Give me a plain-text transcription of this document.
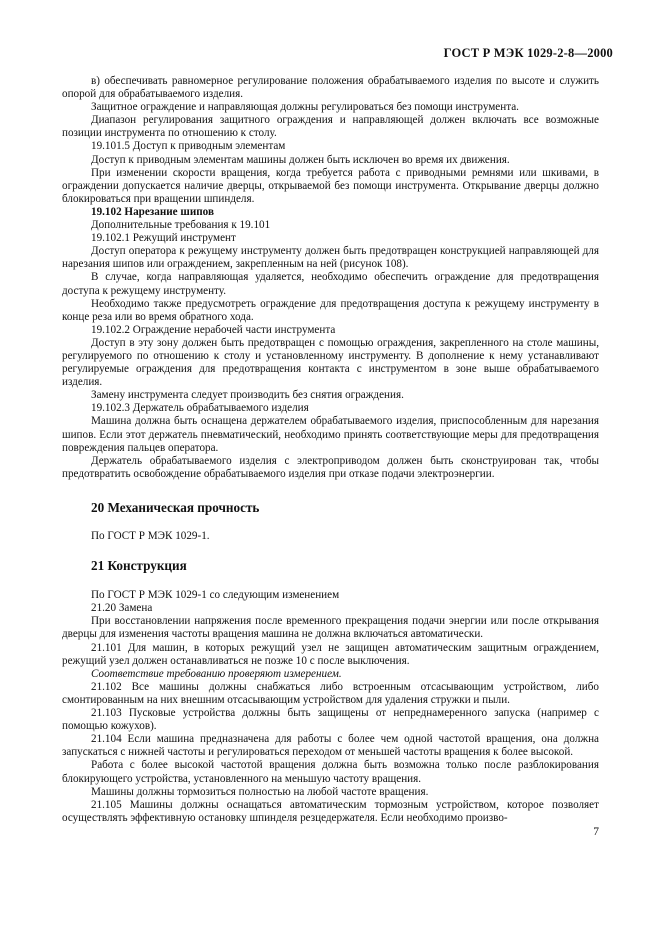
ГОСТ Р МЭК 1029-2-8—2000

в) обеспечивать равномерное регулирование положения обрабатываемого изделия по высоте и служить опорой для обрабатываемого изделия.

Защитное ограждение и направляющая должны регулироваться без помощи инструмента.

Диапазон регулирования защитного ограждения и направляющей должен включать все возможные позиции инструмента по отношению к столу.

19.101.5 Доступ к приводным элементам

Доступ к приводным элементам машины должен быть исключен во время их движения.

При изменении скорости вращения, когда требуется работа с приводными ремнями или шкивами, в ограждении допускается наличие дверцы, открываемой без помощи инструмента. Открывание дверцы должно блокироваться при вращении шпинделя.

19.102 Нарезание шипов

Дополнительные требования к 19.101

19.102.1 Режущий инструмент

Доступ оператора к режущему инструменту должен быть предотвращен конструкцией направляющей для нарезания шипов или ограждением, закрепленным на ней (рисунок 108).

В случае, когда направляющая удаляется, необходимо обеспечить ограждение для предотвращения доступа к режущему инструменту.

Необходимо также предусмотреть ограждение для предотвращения доступа к режущему инструменту в конце реза или во время обратного хода.

19.102.2 Ограждение нерабочей части инструмента

Доступ в эту зону должен быть предотвращен с помощью ограждения, закрепленного на столе машины, регулируемого по отношению к столу и установленному инструменту. В дополнение к нему устанавливают регулируемые ограждения для предотвращения контакта с инструментом в зоне выше обрабатываемого изделия.

Замену инструмента следует производить без снятия ограждения.

19.102.3 Держатель обрабатываемого изделия

Машина должна быть оснащена держателем обрабатываемого изделия, приспособленным для нарезания шипов. Если этот держатель пневматический, необходимо принять соответствующие меры для предотвращения повреждения пальцев оператора.

Держатель обрабатываемого изделия с электроприводом должен быть сконструирован так, чтобы предотвратить освобождение обрабатываемого изделия при отказе подачи электроэнергии.

20 Механическая прочность

По ГОСТ Р МЭК 1029-1.

21 Конструкция

По ГОСТ Р МЭК 1029-1 со следующим изменением

21.20 Замена

При восстановлении напряжения после временного прекращения подачи энергии или после открывания дверцы для изменения частоты вращения машина не должна включаться автоматически.

21.101 Для машин, в которых режущий узел не защищен автоматическим защитным ограждением, режущий узел должен останавливаться не позже 10 с после выключения.

Соответствие требованию проверяют измерением.

21.102 Все машины должны снабжаться либо встроенным отсасывающим устройством, либо смонтированным на них внешним отсасывающим устройством для удаления стружки и пыли.

21.103 Пусковые устройства должны быть защищены от непреднамеренного запуска (например с помощью кожухов).

21.104 Если машина предназначена для работы с более чем одной частотой вращения, она должна запускаться с нижней частоты и регулироваться переходом от меньшей частоты вращения к более высокой.

Работа с более высокой частотой вращения должна быть возможна только после разблокирования блокирующего устройства, установленного на меньшую частоту вращения.

Машины должны тормозиться полностью на любой частоте вращения.

21.105 Машины должны оснащаться автоматическим тормозным устройством, которое позволяет осуществлять эффективную остановку шпинделя резцедержателя. Если необходимо произво-

7
